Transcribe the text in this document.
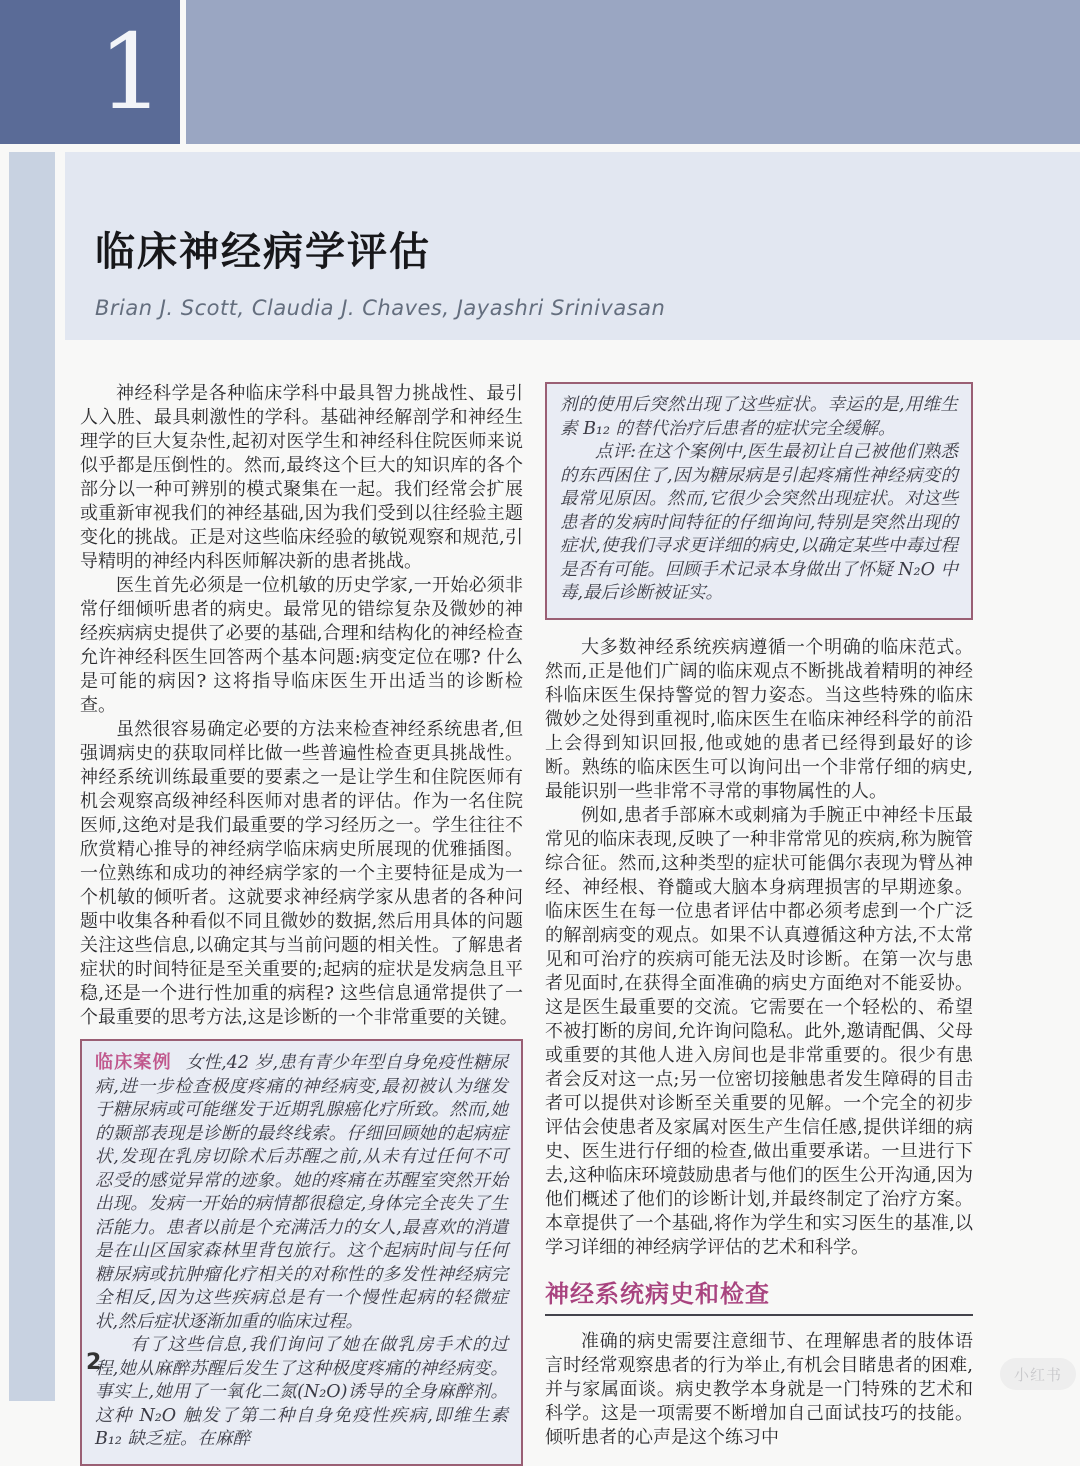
1
临床神经病学评估

Brian J. Scott, Claudia J. Chaves, Jayashri Srinivasan

神经科学是各种临床学科中最具智力挑战性、最引人入胜、最具刺激性的学科。基础神经解剖学和神经生理学的巨大复杂性,起初对医学生和神经科住院医师来说似乎都是压倒性的。然而,最终这个巨大的知识库的各个部分以一种可辨别的模式聚集在一起。我们经常会扩展或重新审视我们的神经基础,因为我们受到以往经验主题变化的挑战。正是对这些临床经验的敏锐观察和规范,引导精明的神经内科医师解决新的患者挑战。

医生首先必须是一位机敏的历史学家,一开始必须非常仔细倾听患者的病史。最常见的错综复杂及微妙的神经疾病病史提供了必要的基础,合理和结构化的神经检查允许神经科医生回答两个基本问题:病变定位在哪? 什么是可能的病因? 这将指导临床医生开出适当的诊断检查。

虽然很容易确定必要的方法来检查神经系统患者,但强调病史的获取同样比做一些普遍性检查更具挑战性。神经系统训练最重要的要素之一是让学生和住院医师有机会观察高级神经科医师对患者的评估。作为一名住院医师,这绝对是我们最重要的学习经历之一。学生往往不欣赏精心推导的神经病学临床病史所展现的优雅插图。一位熟练和成功的神经病学家的一个主要特征是成为一个机敏的倾听者。这就要求神经病学家从患者的各种问题中收集各种看似不同且微妙的数据,然后用具体的问题关注这些信息,以确定其与当前问题的相关性。了解患者症状的时间特征是至关重要的;起病的症状是发病急且平稳,还是一个进行性加重的病程? 这些信息通常提供了一个最重要的思考方法,这是诊断的一个非常重要的关键。

临床案例 女性,42 岁,患有青少年型自身免疫性糖尿病,进一步检查极度疼痛的神经病变,最初被认为继发于糖尿病或可能继发于近期乳腺癌化疗所致。然而,她的颞部表现是诊断的最终线索。仔细回顾她的起病症状,发现在乳房切除术后苏醒之前,从未有过任何不可忍受的感觉异常的迹象。她的疼痛在苏醒室突然开始出现。发病一开始的病情都很稳定,身体完全丧失了生活能力。患者以前是个充满活力的女人,最喜欢的消遣是在山区国家森林里背包旅行。这个起病时间与任何糖尿病或抗肿瘤化疗相关的对称性的多发性神经病完全相反,因为这些疾病总是有一个慢性起病的轻微症状,然后症状逐渐加重的临床过程。

有了这些信息,我们询问了她在做乳房手术的过程,她从麻醉苏醒后发生了这种极度疼痛的神经病变。事实上,她用了一氧化二氮(N₂O)诱导的全身麻醉剂。这种 N₂O 触发了第二种自身免疫性疾病,即维生素 B₁₂ 缺乏症。在麻醉

剂的使用后突然出现了这些症状。幸运的是,用维生素 B₁₂ 的替代治疗后患者的症状完全缓解。

点评:在这个案例中,医生最初让自己被他们熟悉的东西困住了,因为糖尿病是引起疼痛性神经病变的最常见原因。然而,它很少会突然出现症状。对这些患者的发病时间特征的仔细询问,特别是突然出现的症状,使我们寻求更详细的病史,以确定某些中毒过程是否有可能。回顾手术记录本身做出了怀疑 N₂O 中毒,最后诊断被证实。

大多数神经系统疾病遵循一个明确的临床范式。然而,正是他们广阔的临床观点不断挑战着精明的神经科临床医生保持警觉的智力姿态。当这些特殊的临床微妙之处得到重视时,临床医生在临床神经科学的前沿上会得到知识回报,他或她的患者已经得到最好的诊断。熟练的临床医生可以询问出一个非常仔细的病史,最能识别一些非常不寻常的事物属性的人。

例如,患者手部麻木或刺痛为手腕正中神经卡压最常见的临床表现,反映了一种非常常见的疾病,称为腕管综合征。然而,这种类型的症状可能偶尔表现为臂丛神经、神经根、脊髓或大脑本身病理损害的早期迹象。临床医生在每一位患者评估中都必须考虑到一个广泛的解剖病变的观点。如果不认真遵循这种方法,不太常见和可治疗的疾病可能无法及时诊断。在第一次与患者见面时,在获得全面准确的病史方面绝对不能妥协。这是医生最重要的交流。它需要在一个轻松的、希望不被打断的房间,允许询问隐私。此外,邀请配偶、父母或重要的其他人进入房间也是非常重要的。很少有患者会反对这一点;另一位密切接触患者发生障碍的目击者可以提供对诊断至关重要的见解。一个完全的初步评估会使患者及家属对医生产生信任感,提供详细的病史、医生进行仔细的检查,做出重要承诺。一旦进行下去,这种临床环境鼓励患者与他们的医生公开沟通,因为他们概述了他们的诊断计划,并最终制定了治疗方案。本章提供了一个基础,将作为学生和实习医生的基准,以学习详细的神经病学评估的艺术和科学。

神经系统病史和检查

准确的病史需要注意细节、在理解患者的肢体语言时经常观察患者的行为举止,有机会目睹患者的困难,并与家属面谈。病史教学本身就是一门特殊的艺术和科学。这是一项需要不断增加自己面试技巧的技能。倾听患者的心声是这个练习中

2	小红书
